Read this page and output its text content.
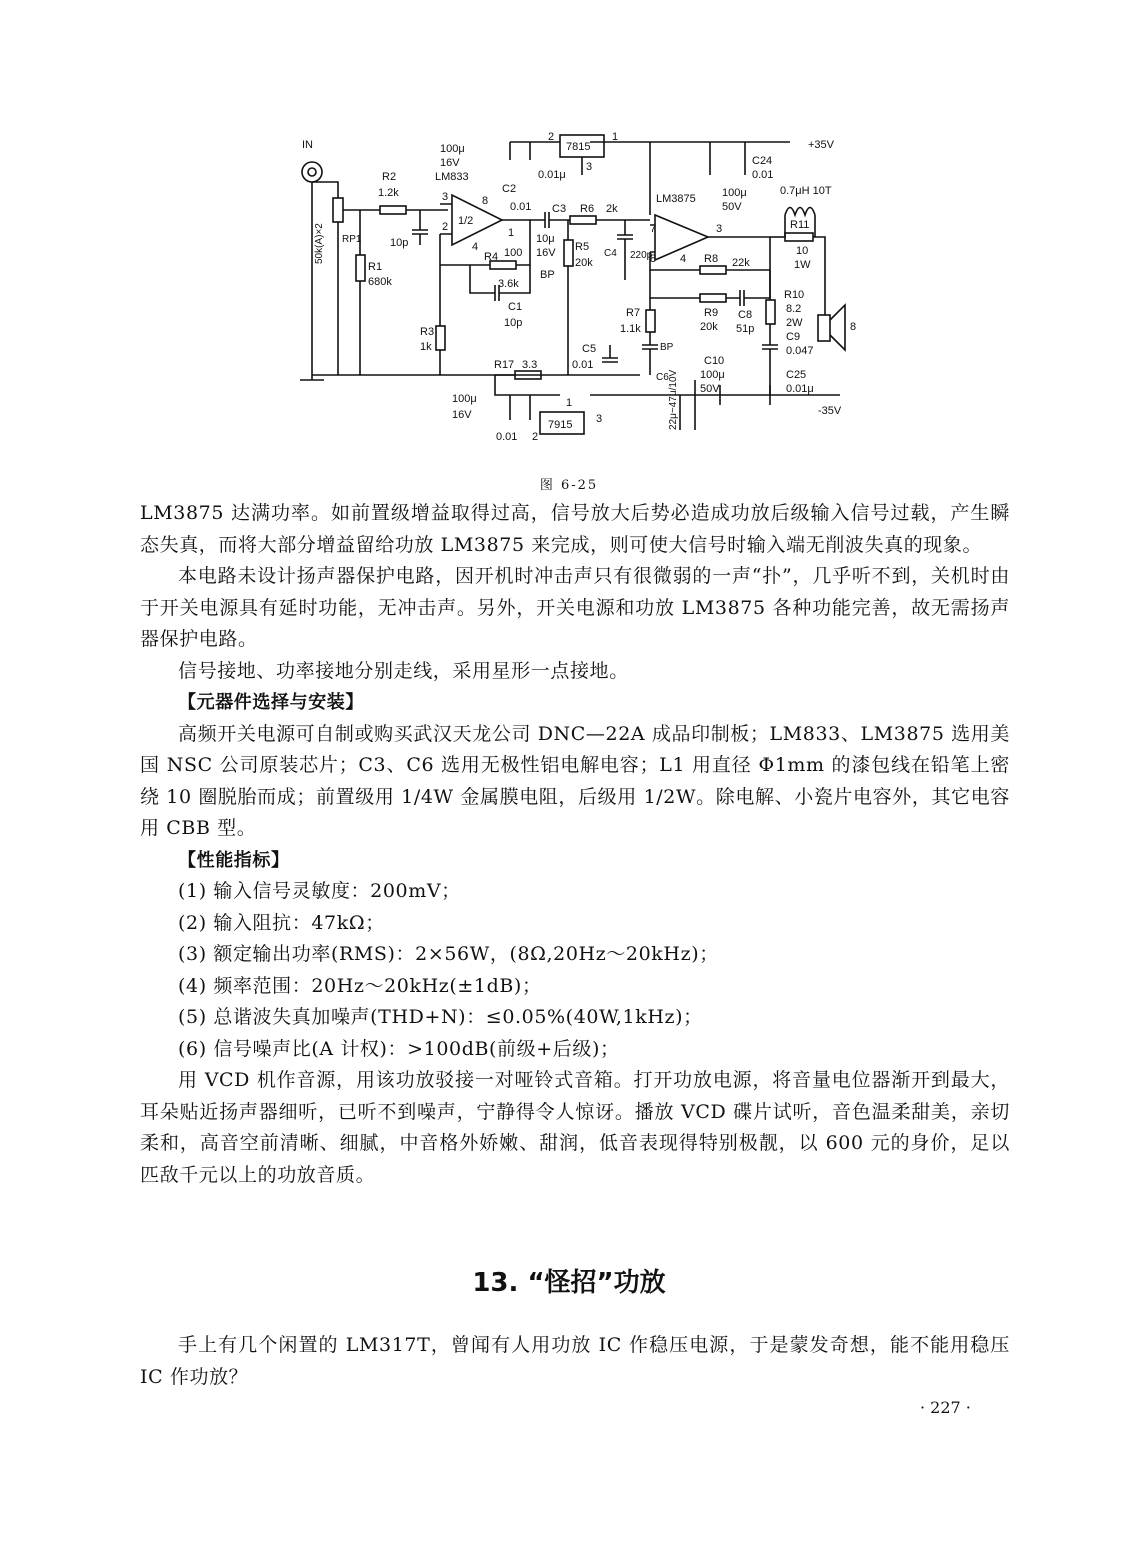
IN
RP1
50k(A)×2
R1
680k
R2
1.2k
10p
R3
1k
100μ
16V
LM833
1/2
8
3
2
4
1
C2
0.01
7815
2	1
3
0.01μ
C3
10μ
16V
BP
R4
3.6k
100
C1
10p
R6 2k
R5
20k
C4 220p
LM3875
7
8 4
3
R8 22k
R9
20k
C8
51p
R7
1.1k
C6 22μ~47μ/10V
BP
C5
0.01
R17 3.3
100μ
16V
0.01
7915
1
2
3
+35V
C24
0.01
100μ
50V
0.7μH 10T
R11
10
1W
R10
8.2
2W
C9
0.047
8
C10
100μ
50V
C25
0.01μ
-35V
图 6-25

LM3875 达满功率。如前置级增益取得过高，信号放大后势必造成功放后级输入信号过载，产生瞬态失真，而将大部分增益留给功放 LM3875 来完成，则可使大信号时输入端无削波失真的现象。

本电路未设计扬声器保护电路，因开机时冲击声只有很微弱的一声“扑”，几乎听不到，关机时由于开关电源具有延时功能，无冲击声。另外，开关电源和功放 LM3875 各种功能完善，故无需扬声器保护电路。

信号接地、功率接地分别走线，采用星形一点接地。

【元器件选择与安装】

高频开关电源可自制或购买武汉天龙公司 DNC—22A 成品印制板；LM833、LM3875 选用美国 NSC 公司原装芯片；C3、C6 选用无极性铝电解电容；L1 用直径 Φ1mm 的漆包线在铅笔上密绕 10 圈脱胎而成；前置级用 1/4W 金属膜电阻，后级用 1/2W。除电解、小瓷片电容外，其它电容用 CBB 型。

【性能指标】

(1) 输入信号灵敏度：200mV；

(2) 输入阻抗：47kΩ；

(3) 额定输出功率(RMS)：2×56W，(8Ω,20Hz～20kHz)；

(4) 频率范围：20Hz～20kHz(±1dB)；

(5) 总谐波失真加噪声(THD+N)：≤0.05%(40W,1kHz)；

(6) 信号噪声比(A 计权)：>100dB(前级+后级)；

用 VCD 机作音源，用该功放驳接一对哑铃式音箱。打开功放电源，将音量电位器渐开到最大，耳朵贴近扬声器细听，已听不到噪声，宁静得令人惊讶。播放 VCD 碟片试听，音色温柔甜美，亲切柔和，高音空前清晰、细腻，中音格外娇嫩、甜润，低音表现得特别极靓，以 600 元的身价，足以匹敌千元以上的功放音质。

13. “怪招”功放

手上有几个闲置的 LM317T，曾闻有人用功放 IC 作稳压电源，于是蒙发奇想，能不能用稳压 IC 作功放？

· 227 ·
